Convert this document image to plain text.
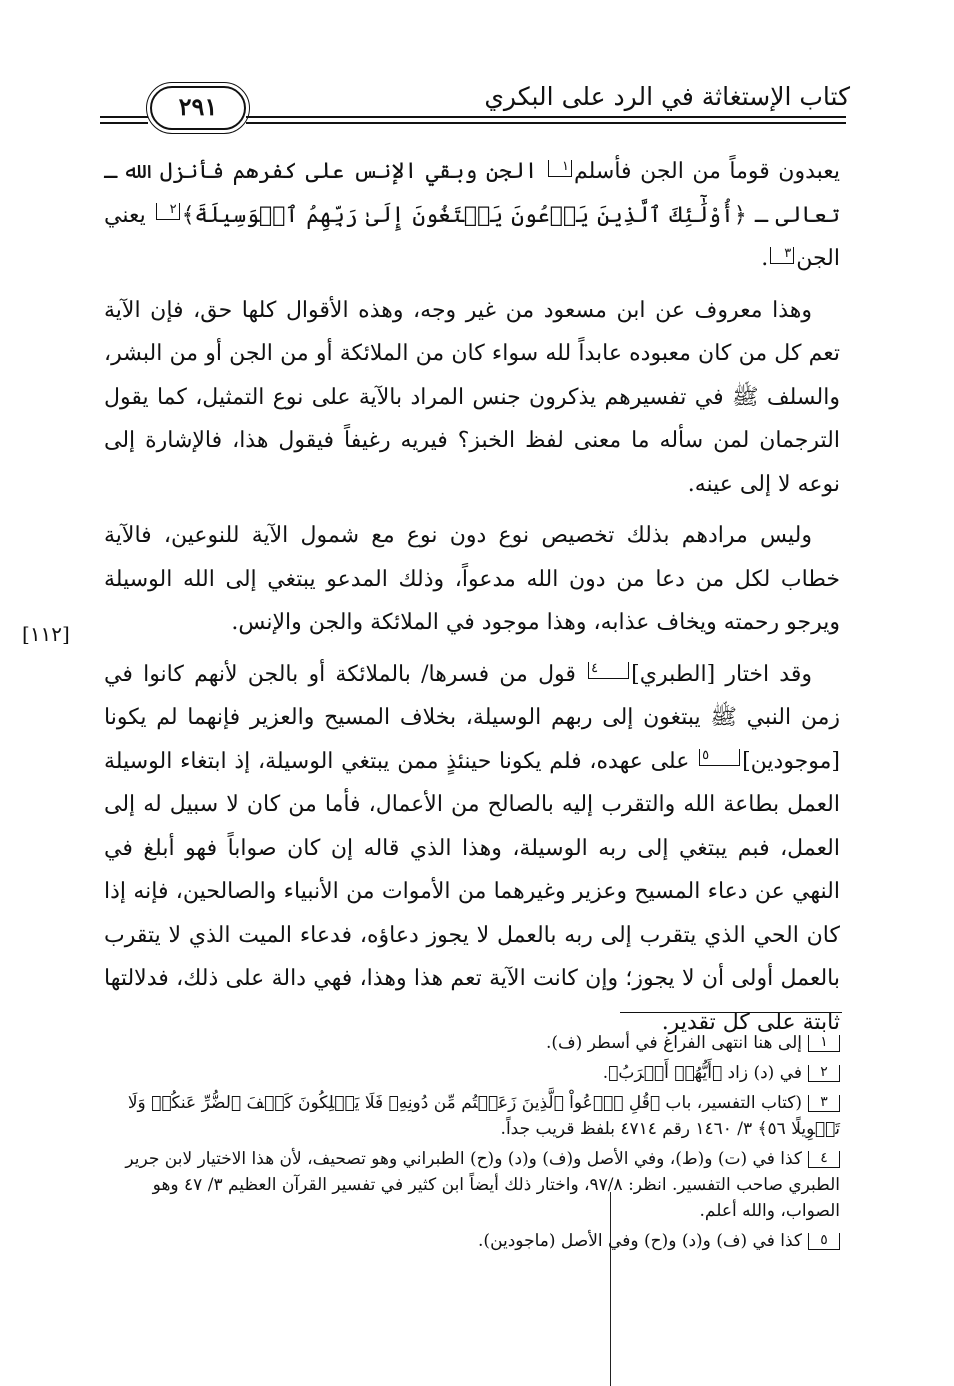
كتاب الإستغاثة في الرد على البكري
٢٩١

يعبدون قوماً من الجن فأسلم١ الجن وبقي الإنس على كفرهم فأنزل الله ـ تعالى ـ ﴿أُوْلَٰٓئِكَ ٱلَّذِينَ يَدۡعُونَ يَبۡتَغُونَ إِلَىٰ رَبِّهِمُ ٱلۡوَسِيلَةَ﴾٢ يعني الجن٣.

وهذا معروف عن ابن مسعود من غير وجه، وهذه الأقوال كلها حق، فإن الآية تعم كل من كان معبوده عابداً لله سواء كان من الملائكة أو من الجن أو من البشر، والسلف ﷺ في تفسيرهم يذكرون جنس المراد بالآية على نوع التمثيل، كما يقول الترجمان لمن سأله ما معنى لفظ الخبز؟ فيريه رغيفاً فيقول هذا، فالإشارة إلى نوعه لا إلى عينه.

وليس مرادهم بذلك تخصيص نوع دون نوع مع شمول الآية للنوعين، فالآية خطاب لكل من دعا من دون الله مدعواً، وذلك المدعو يبتغي إلى الله الوسيلة ويرجو رحمته ويخاف عذابه، وهذا موجود في الملائكة والجن والإنس.

وقد اختار [الطبري]٤ قول من فسرها/ بالملائكة أو بالجن لأنهم كانوا في زمن النبي ﷺ يبتغون إلى ربهم الوسيلة، بخلاف المسيح والعزير فإنهما لم يكونا [موجودين]٥ على عهده، فلم يكونا حينئذٍ ممن يبتغي الوسيلة، إذ ابتغاء الوسيلة العمل بطاعة الله والتقرب إليه بالصالح من الأعمال، فأما من كان لا سبيل له إلى العمل، فبم يبتغي إلى ربه الوسيلة، وهذا الذي قاله إن كان صواباً فهو أبلغ في النهي عن دعاء المسيح وعزير وغيرهما من الأموات من الأنبياء والصالحين، فإنه إذا كان الحي الذي يتقرب إلى ربه بالعمل لا يجوز دعاؤه، فدعاء الميت الذي لا يتقرب بالعمل أولى أن لا يجوز؛ وإن كانت الآية تعم هذا وهذا، فهي دالة على ذلك، فدلالتها ثابتة على كل تقدير.

[١١٢]

١إلى هنا انتهى الفراغ في أسطر (ف).

٢في (د) زاد ﴿أَيُّهُمۡ أَقۡرَبُ﴾.

٣(كتاب التفسير، باب ﴿قُلِ ٱدۡعُواْ ٱلَّذِينَ زَعَمۡتُم مِّن دُونِهِۦ فَلَا يَمۡلِكُونَ كَشۡفَ ٱلضُّرِّ عَنكُمۡ وَلَا تَحۡوِيلًا ٥٦﴾ ٣/ ١٤٦٠ رقم ٤٧١٤ بلفظ قريب جداً.

٤كذا في (ت) و(ط)، وفي الأصل و(ف) و(د) و(ح) الطبراني وهو تصحيف، لأن هذا الاختيار لابن جرير الطبري صاحب التفسير. انظر: ٩٧/٨، واختار ذلك أيضاً ابن كثير في تفسير القرآن العظيم ٣/ ٤٧ وهو الصواب، والله أعلم.

٥كذا في (ف) و(د) و(ح) وفي الأصل (ماجودين).
